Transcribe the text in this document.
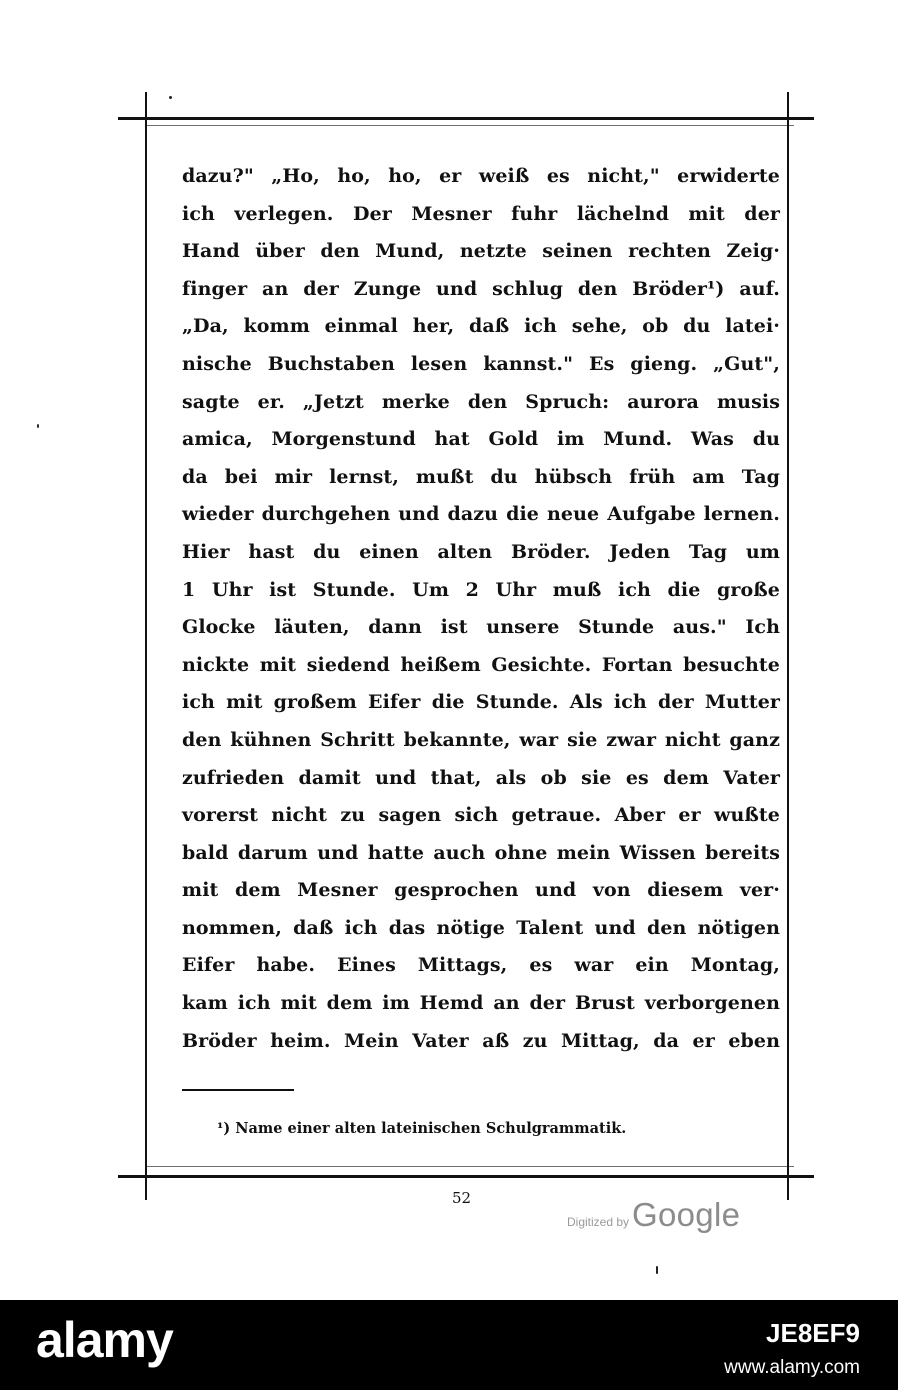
dazu?" „Ho, ho, ho, er weiß es nicht," erwiderte
ich verlegen. Der Mesner fuhr lächelnd mit der
Hand über den Mund, netzte seinen rechten Zeig·
finger an der Zunge und schlug den Bröder¹) auf.
„Da, komm einmal her, daß ich sehe, ob du latei·
nische Buchstaben lesen kannst." Es gieng. „Gut",
sagte er. „Jetzt merke den Spruch: aurora musis
amica, Morgenstund hat Gold im Mund. Was du
da bei mir lernst, mußt du hübsch früh am Tag
wieder durchgehen und dazu die neue Aufgabe lernen.
Hier hast du einen alten Bröder. Jeden Tag um
1 Uhr ist Stunde. Um 2 Uhr muß ich die große
Glocke läuten, dann ist unsere Stunde aus." Ich
nickte mit siedend heißem Gesichte. Fortan besuchte
ich mit großem Eifer die Stunde. Als ich der Mutter
den kühnen Schritt bekannte, war sie zwar nicht ganz
zufrieden damit und that, als ob sie es dem Vater
vorerst nicht zu sagen sich getraue. Aber er wußte
bald darum und hatte auch ohne mein Wissen bereits
mit dem Mesner gesprochen und von diesem ver·
nommen, daß ich das nötige Talent und den nötigen
Eifer habe. Eines Mittags, es war ein Montag,
kam ich mit dem im Hemd an der Brust verborgenen
Bröder heim. Mein Vater aß zu Mittag, da er eben
¹) Name einer alten lateinischen Schulgrammatik.
52
Digitized by Google
alamy	JE8EF9
www.alamy.com
